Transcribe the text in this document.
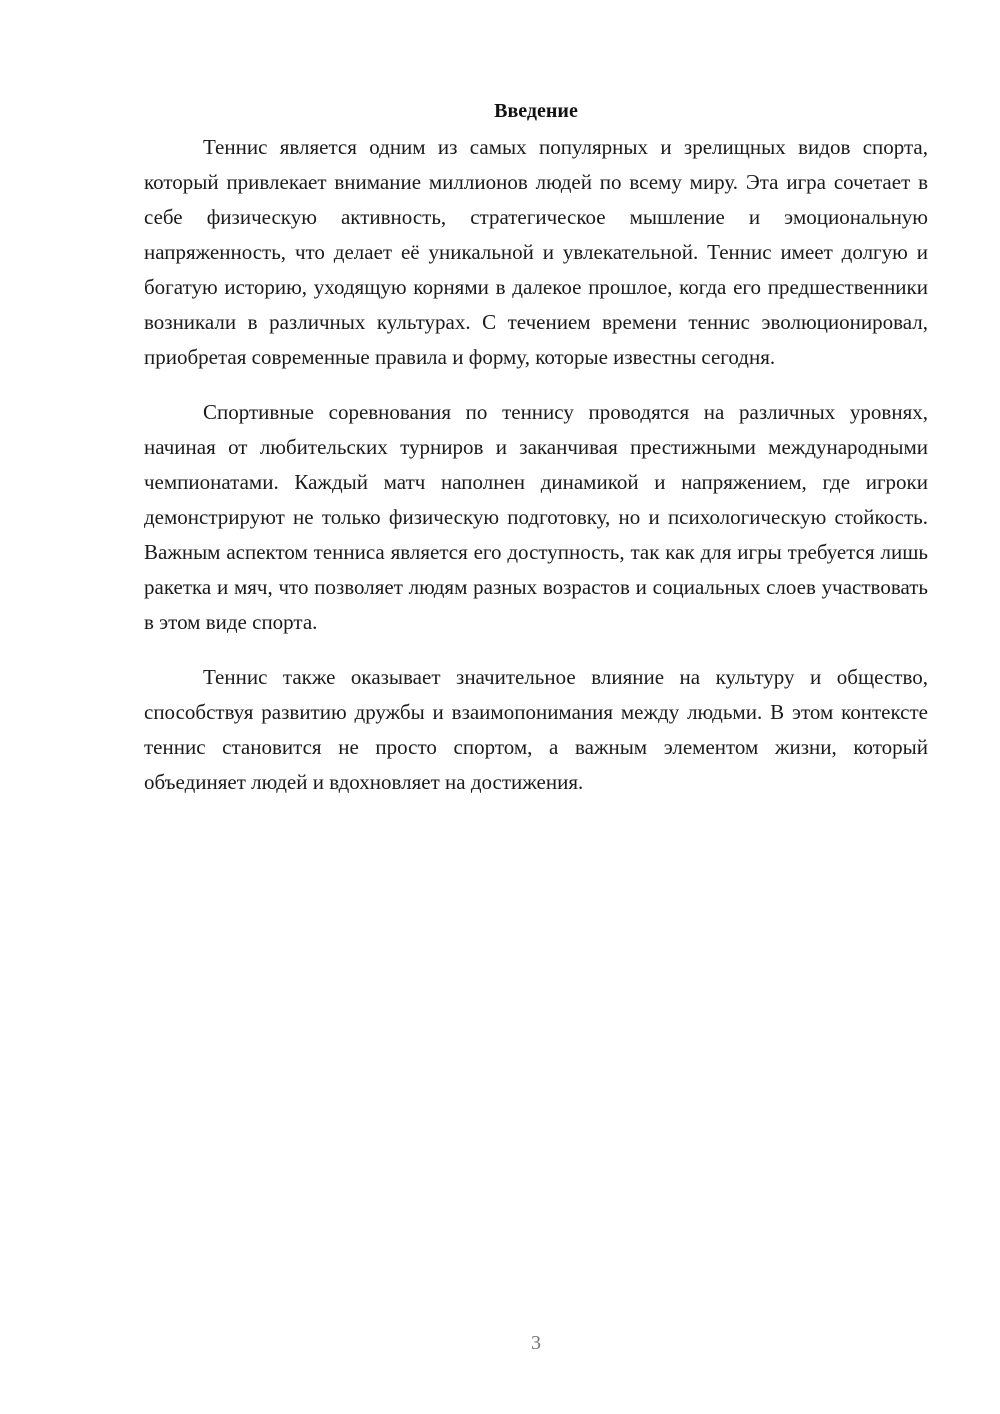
Введение

Теннис является одним из самых популярных и зрелищных видов спорта, который привлекает внимание миллионов людей по всему миру. Эта игра сочетает в себе физическую активность, стратегическое мышление и эмоциональную напряженность, что делает её уникальной и увлекательной. Теннис имеет долгую и богатую историю, уходящую корнями в далекое прошлое, когда его предшественники возникали в различных культурах. С течением времени теннис эволюционировал, приобретая современные правила и форму, которые известны сегодня.

Спортивные соревнования по теннису проводятся на различных уровнях, начиная от любительских турниров и заканчивая престижными международными чемпионатами. Каждый матч наполнен динамикой и напряжением, где игроки демонстрируют не только физическую подготовку, но и психологическую стойкость. Важным аспектом тенниса является его доступность, так как для игры требуется лишь ракетка и мяч, что позволяет людям разных возрастов и социальных слоев участвовать в этом виде спорта.

Теннис также оказывает значительное влияние на культуру и общество, способствуя развитию дружбы и взаимопонимания между людьми. В этом контексте теннис становится не просто спортом, а важным элементом жизни, который объединяет людей и вдохновляет на достижения.

3
